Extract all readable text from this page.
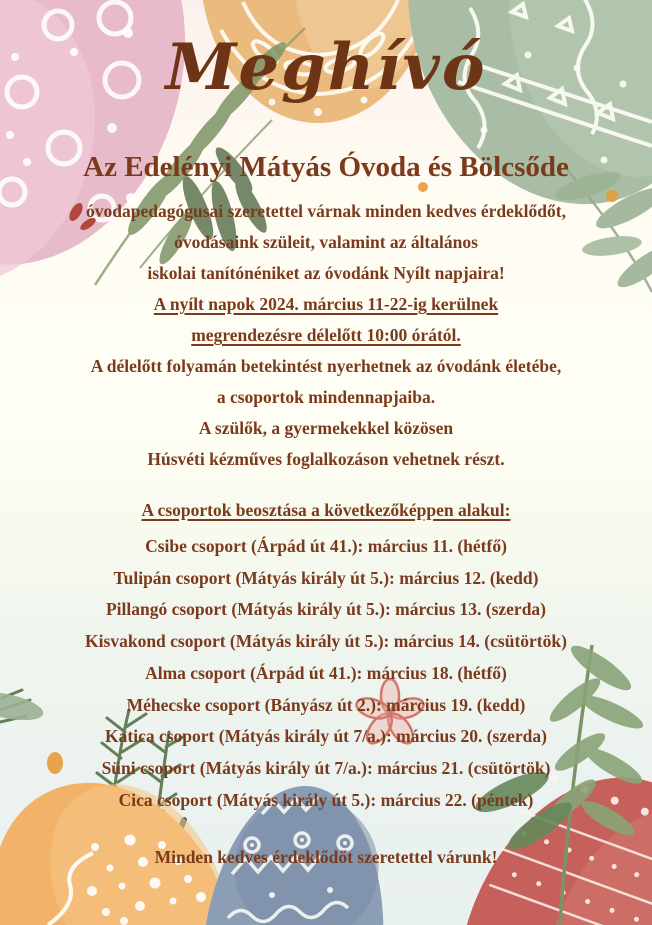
Meghívó
Az Edelényi Mátyás Óvoda és Bölcsőde

óvodapedagógusai szeretettel várnak minden kedves érdeklődőt,

óvodásaink szüleit, valamint az általános

iskolai tanítónéniket az óvodánk Nyílt napjaira!

A nyílt napok 2024. március 11-22-ig kerülnek

megrendezésre délelőtt 10:00 órától.

A délelőtt folyamán betekintést nyerhetnek az óvodánk életébe,

a csoportok mindennapjaiba.

A szülők, a gyermekekkel közösen

Húsvéti kézműves foglalkozáson vehetnek részt.

A csoportok beosztása a következőképpen alakul:

Csibe csoport (Árpád út 41.): március 11. (hétfő)

Tulipán csoport (Mátyás király út 5.): március 12. (kedd)

Pillangó csoport (Mátyás király út 5.): március 13. (szerda)

Kisvakond csoport (Mátyás király út 5.): március 14. (csütörtök)

Alma csoport (Árpád út 41.): március 18. (hétfő)

Méhecske csoport (Bányász út 2.): március 19. (kedd)

Katica csoport (Mátyás király út 7/a.): március 20. (szerda)

Süni csoport (Mátyás király út 7/a.): március 21. (csütörtök)

Cica csoport (Mátyás király út 5.): március 22. (péntek)

Minden kedves érdeklődőt szeretettel várunk!
